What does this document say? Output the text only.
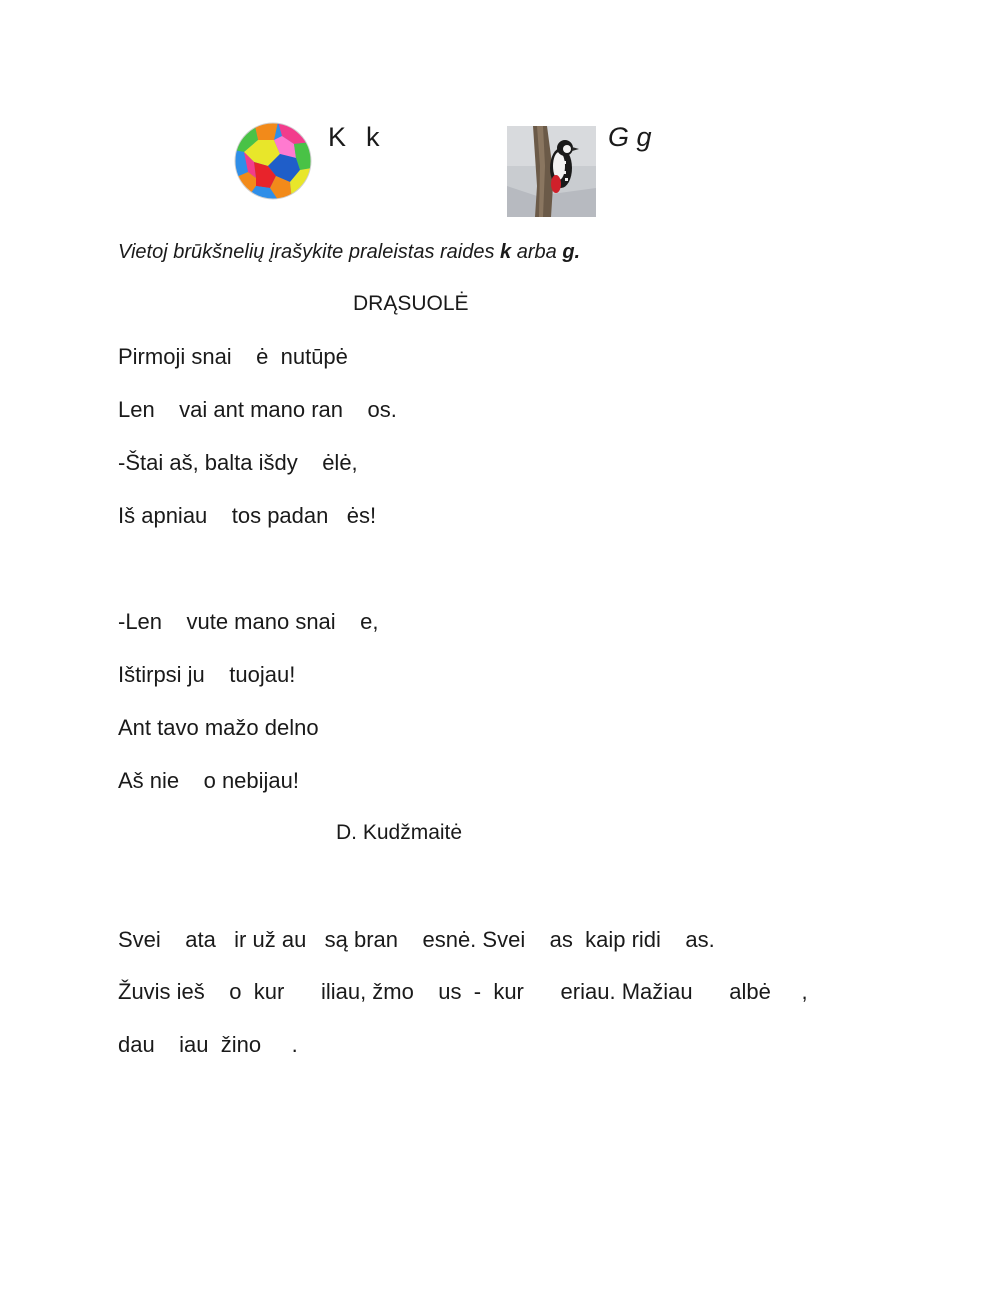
K k	G g
Vietoj brūkšnelių įrašykite praleistas raides k arba g.
DRĄSUOLĖ
Pirmoji snai    ė  nutūpė
Len    vai ant mano ran    os.
-Štai aš, balta išdy    ėlė,
Iš apniau    tos padan   ės!
-Len    vute mano snai    e,
Ištirpsi ju    tuojau!
Ant tavo mažo delno
Aš nie    o nebijau!
D. Kudžmaitė
Svei    ata   ir už au   są bran    esnė. Svei    as  kaip ridi    as.
Žuvis ieš    o  kur      iliau, žmo    us  -  kur      eriau. Mažiau      albė     ,
dau    iau  žino     .
